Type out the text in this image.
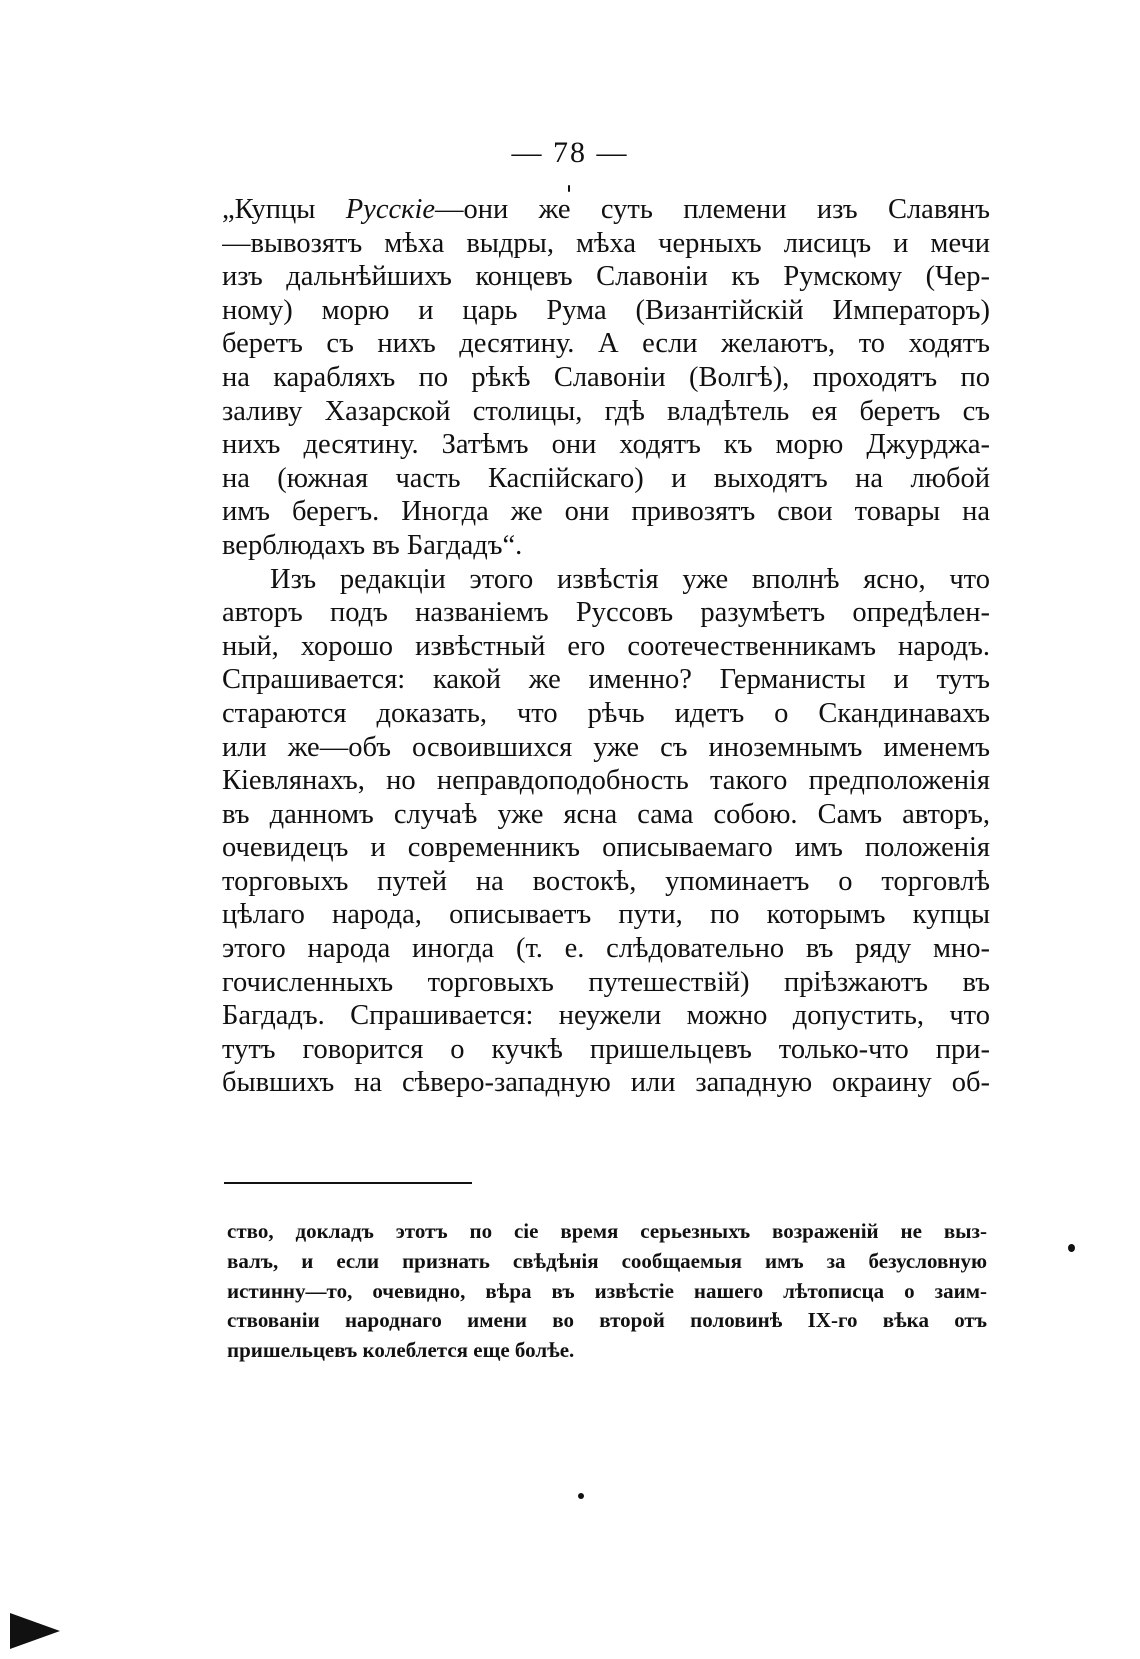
— 78 —
„Купцы Русскіе—они же суть племени изъ Славянъ
—вывозятъ мѣха выдры, мѣха черныхъ лисицъ и мечи
изъ дальнѣйшихъ концевъ Славоніи къ Румскому (Чер-
ному) морю и царь Рума (Византійскій Императоръ)
беретъ съ нихъ десятину. А если желаютъ, то ходятъ
на карабляхъ по рѣкѣ Славоніи (Волгѣ), проходятъ по
заливу Хазарской столицы, гдѣ владѣтель ея беретъ съ
нихъ десятину. Затѣмъ они ходятъ къ морю Джурджа-
на (южная часть Каспійскаго) и выходятъ на любой
имъ берегъ. Иногда же они привозятъ свои товары на
верблюдахъ въ Багдадъ“.
Изъ редакціи этого извѣстія уже вполнѣ ясно, что
авторъ подъ названіемъ Руссовъ разумѣетъ опредѣлен-
ный, хорошо извѣстный его соотечественникамъ народъ.
Спрашивается: какой же именно? Германисты и тутъ
стараются доказать, что рѣчь идетъ о Скандинавахъ
или же—объ освоившихся уже съ иноземнымъ именемъ
Кіевлянахъ, но неправдоподобность такого предположенія
въ данномъ случаѣ уже ясна сама собою. Самъ авторъ,
очевидецъ и современникъ описываемаго имъ положенія
торговыхъ путей на востокѣ, упоминаетъ о торговлѣ
цѣлаго народа, описываетъ пути, по которымъ купцы
этого народа иногда (т. е. слѣдовательно въ ряду мно-
гочисленныхъ торговыхъ путешествій) пріѣзжаютъ въ
Багдадъ. Спрашивается: неужели можно допустить, что
тутъ говорится о кучкѣ пришельцевъ только-что при-
бывшихъ на сѣверо-западную или западную окраину об-
ство, докладъ этотъ по сіе время серьезныхъ возраженій не выз-
валъ, и если признать свѣдѣнія сообщаемыя имъ за безусловную
истинну—то, очевидно, вѣра въ извѣстіе нашего лѣтописца о заим-
ствованіи народнаго имени во второй половинѣ IX-го вѣка отъ
пришельцевъ колеблется еще болѣе.
